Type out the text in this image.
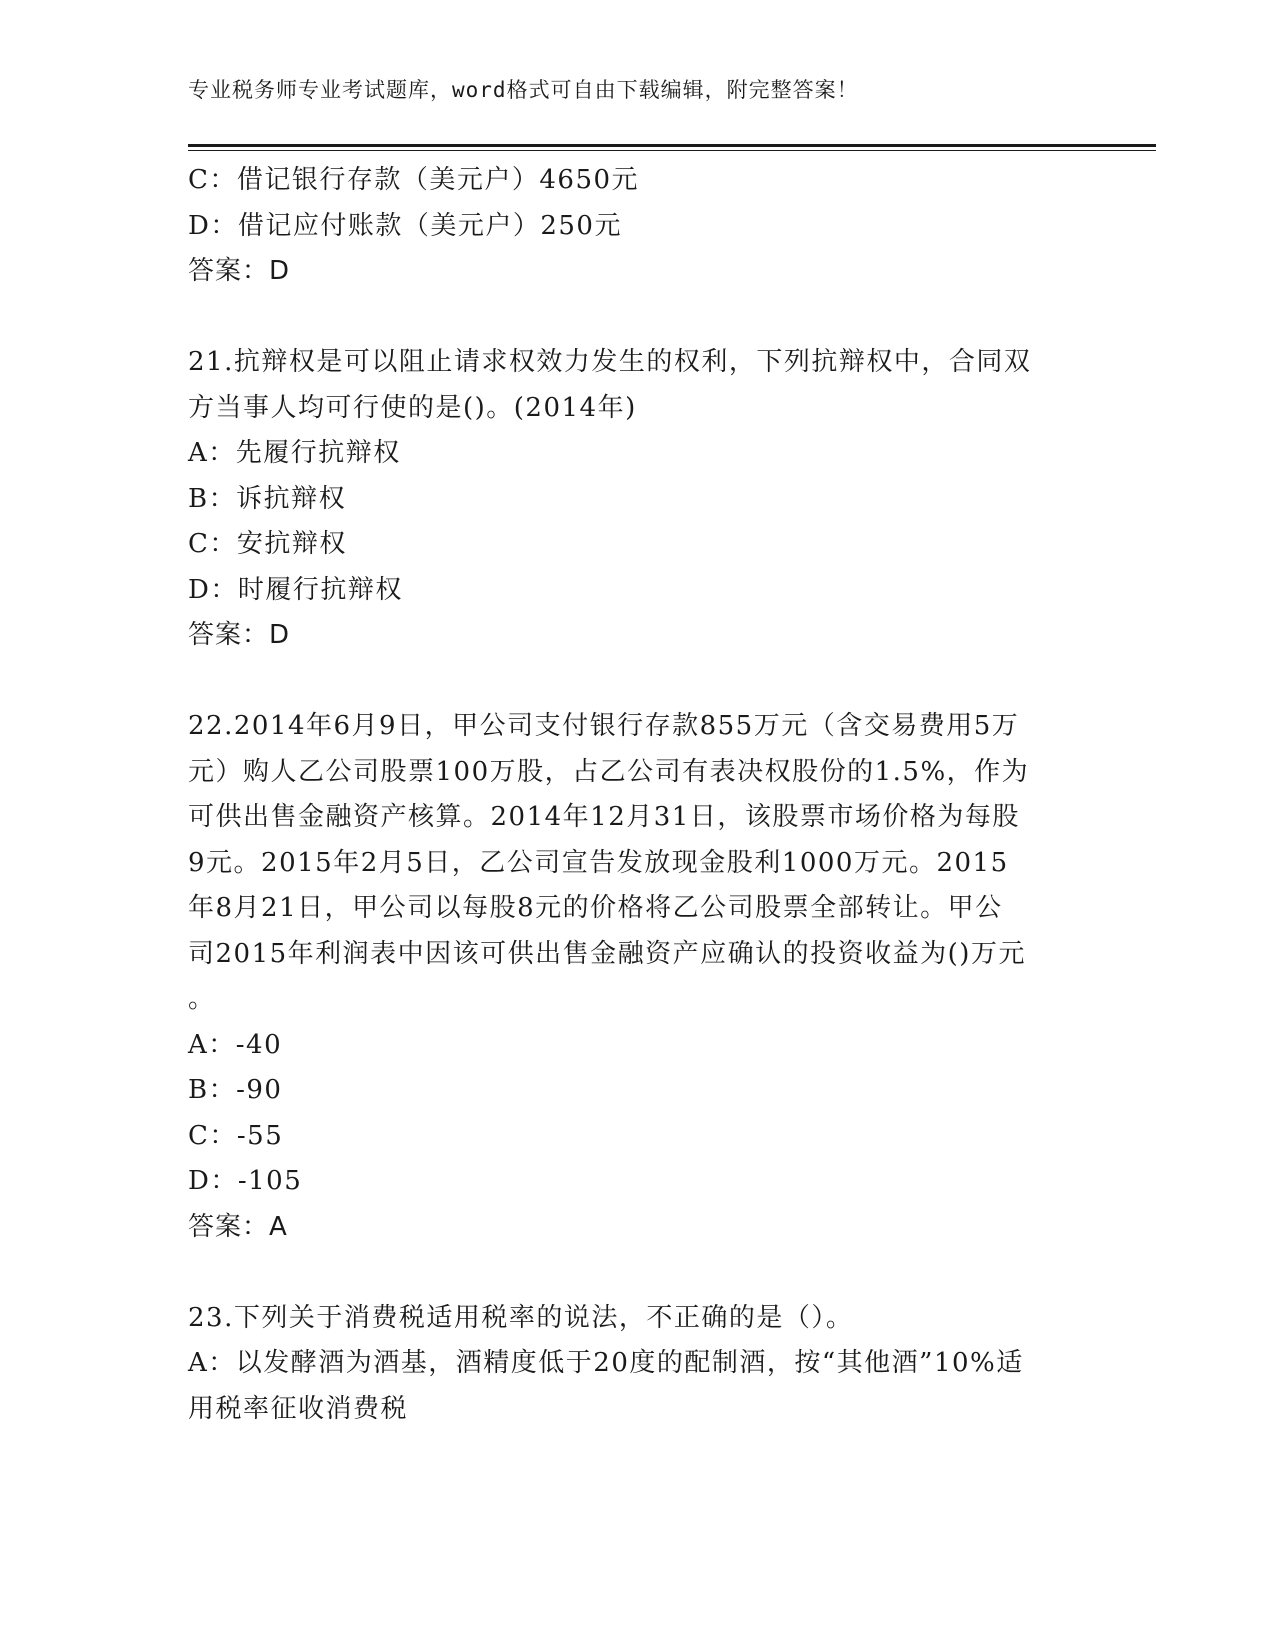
专业税务师专业考试题库，word格式可自由下载编辑，附完整答案！
C：借记银行存款（美元户）4650元
D：借记应付账款（美元户）250元
答案：D
21.抗辩权是可以阻止请求权效力发生的权利，下列抗辩权中，合同双
方当事人均可行使的是()。(2014年)
A：先履行抗辩权
B：诉抗辩权
C：安抗辩权
D：时履行抗辩权
答案：D
22.2014年6月9日，甲公司支付银行存款855万元（含交易费用5万
元）购人乙公司股票100万股，占乙公司有表决权股份的1.5%，作为
可供出售金融资产核算。2014年12月31日，该股票市场价格为每股
9元。2015年2月5日，乙公司宣告发放现金股利1000万元。2015
年8月21日，甲公司以每股8元的价格将乙公司股票全部转让。甲公
司2015年利润表中因该可供出售金融资产应确认的投资收益为()万元
。
A：-40
B：-90
C：-55
D：-105
答案：A
23.下列关于消费税适用税率的说法，不正确的是（）。
A：以发酵酒为酒基，酒精度低于20度的配制酒，按“其他酒”10%适
用税率征收消费税
